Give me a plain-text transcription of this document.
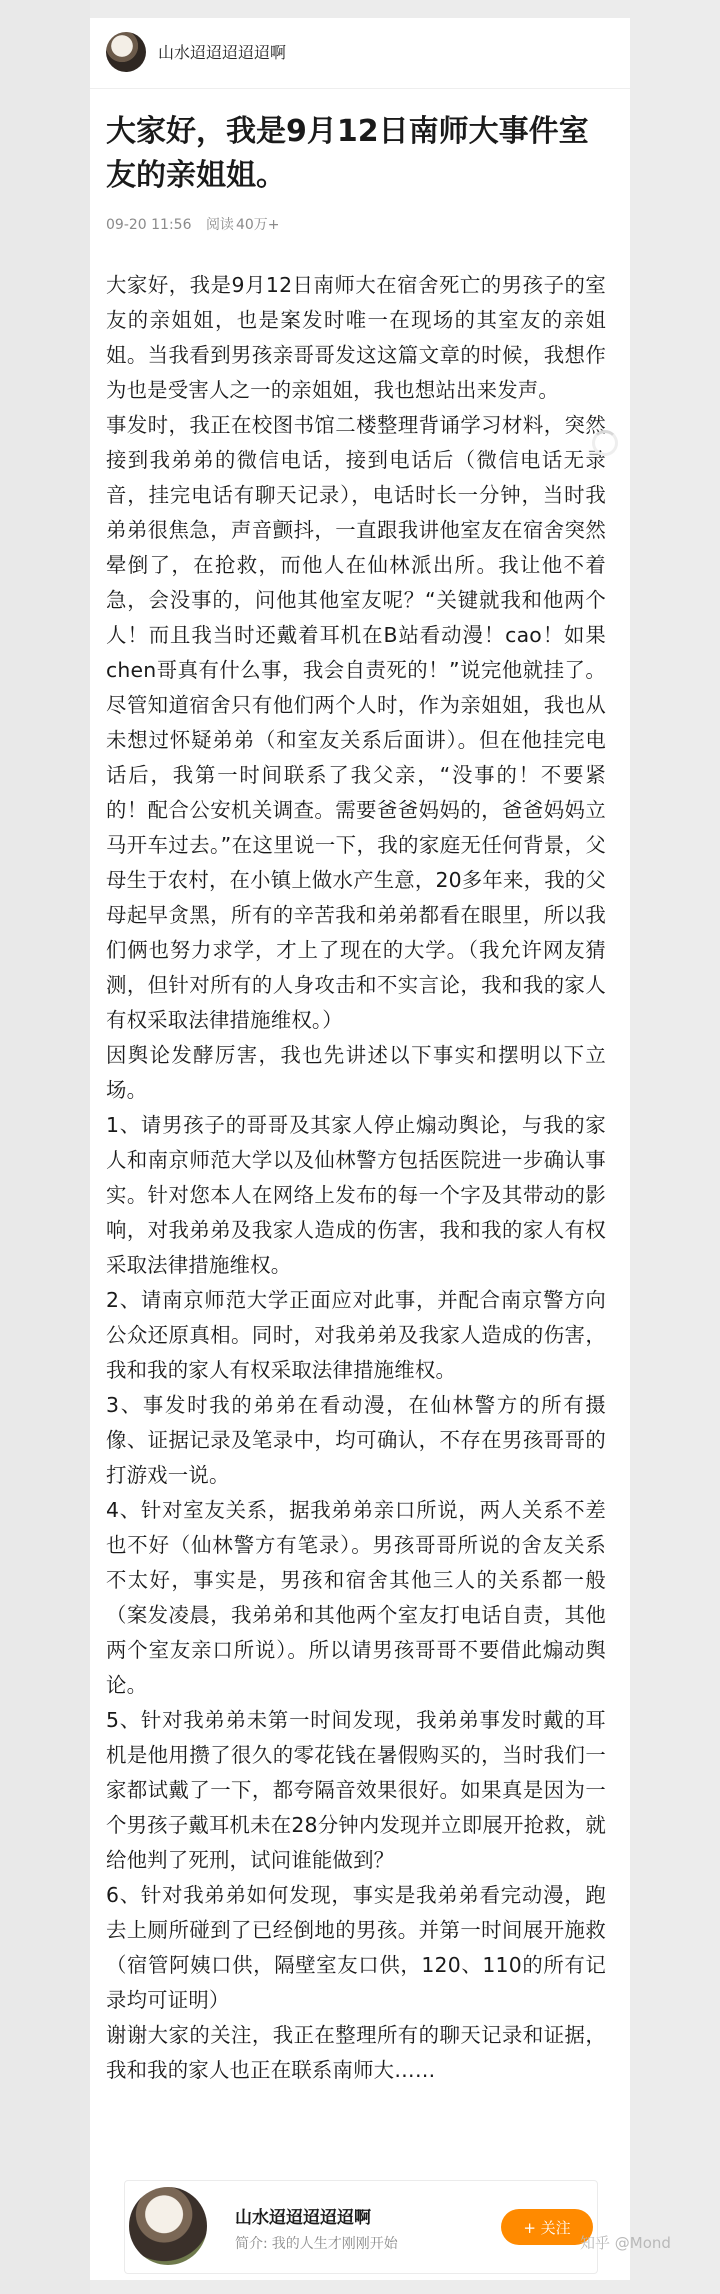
山水迢迢迢迢迢啊
大家好，我是9月12日南师大事件室友的亲姐姐。
09-20 11:56 阅读 40万+

大家好，我是9月12日南师大在宿舍死亡的男孩子的室友的亲姐姐，也是案发时唯一在现场的其室友的亲姐姐。当我看到男孩亲哥哥发这这篇文章的时候，我想作为也是受害人之一的亲姐姐，我也想站出来发声。

事发时，我正在校图书馆二楼整理背诵学习材料，突然接到我弟弟的微信电话，接到电话后（微信电话无录音，挂完电话有聊天记录），电话时长一分钟，当时我弟弟很焦急，声音颤抖，一直跟我讲他室友在宿舍突然晕倒了，在抢救，而他人在仙林派出所。我让他不着急，会没事的，问他其他室友呢？“关键就我和他两个人！而且我当时还戴着耳机在B站看动漫！cao！如果chen哥真有什么事，我会自责死的！”说完他就挂了。尽管知道宿舍只有他们两个人时，作为亲姐姐，我也从未想过怀疑弟弟（和室友关系后面讲）。但在他挂完电话后，我第一时间联系了我父亲，“没事的！不要紧的！配合公安机关调查。需要爸爸妈妈的，爸爸妈妈立马开车过去。”在这里说一下，我的家庭无任何背景，父母生于农村，在小镇上做水产生意，20多年来，我的父母起早贪黑，所有的辛苦我和弟弟都看在眼里，所以我们俩也努力求学，才上了现在的大学。（我允许网友猜测，但针对所有的人身攻击和不实言论，我和我的家人有权采取法律措施维权。）

因舆论发酵厉害，我也先讲述以下事实和摆明以下立场。

1、请男孩子的哥哥及其家人停止煽动舆论，与我的家人和南京师范大学以及仙林警方包括医院进一步确认事实。针对您本人在网络上发布的每一个字及其带动的影响，对我弟弟及我家人造成的伤害，我和我的家人有权采取法律措施维权。

2、请南京师范大学正面应对此事，并配合南京警方向公众还原真相。同时，对我弟弟及我家人造成的伤害，我和我的家人有权采取法律措施维权。

3、事发时我的弟弟在看动漫，在仙林警方的所有摄像、证据记录及笔录中，均可确认，不存在男孩哥哥的打游戏一说。

4、针对室友关系，据我弟弟亲口所说，两人关系不差也不好（仙林警方有笔录）。男孩哥哥所说的舍友关系不太好，事实是，男孩和宿舍其他三人的关系都一般（案发凌晨，我弟弟和其他两个室友打电话自责，其他两个室友亲口所说）。所以请男孩哥哥不要借此煽动舆论。

5、针对我弟弟未第一时间发现，我弟弟事发时戴的耳机是他用攒了很久的零花钱在暑假购买的，当时我们一家都试戴了一下，都夸隔音效果很好。如果真是因为一个男孩子戴耳机未在28分钟内发现并立即展开抢救，就给他判了死刑，试问谁能做到？

6、针对我弟弟如何发现，事实是我弟弟看完动漫，跑去上厕所碰到了已经倒地的男孩。并第一时间展开施救（宿管阿姨口供，隔壁室友口供，120、110的所有记录均可证明）

谢谢大家的关注，我正在整理所有的聊天记录和证据，我和我的家人也正在联系南师大……

山水迢迢迢迢迢啊
简介: 我的人生才刚刚开始
+ 关注
知乎 @Mond
